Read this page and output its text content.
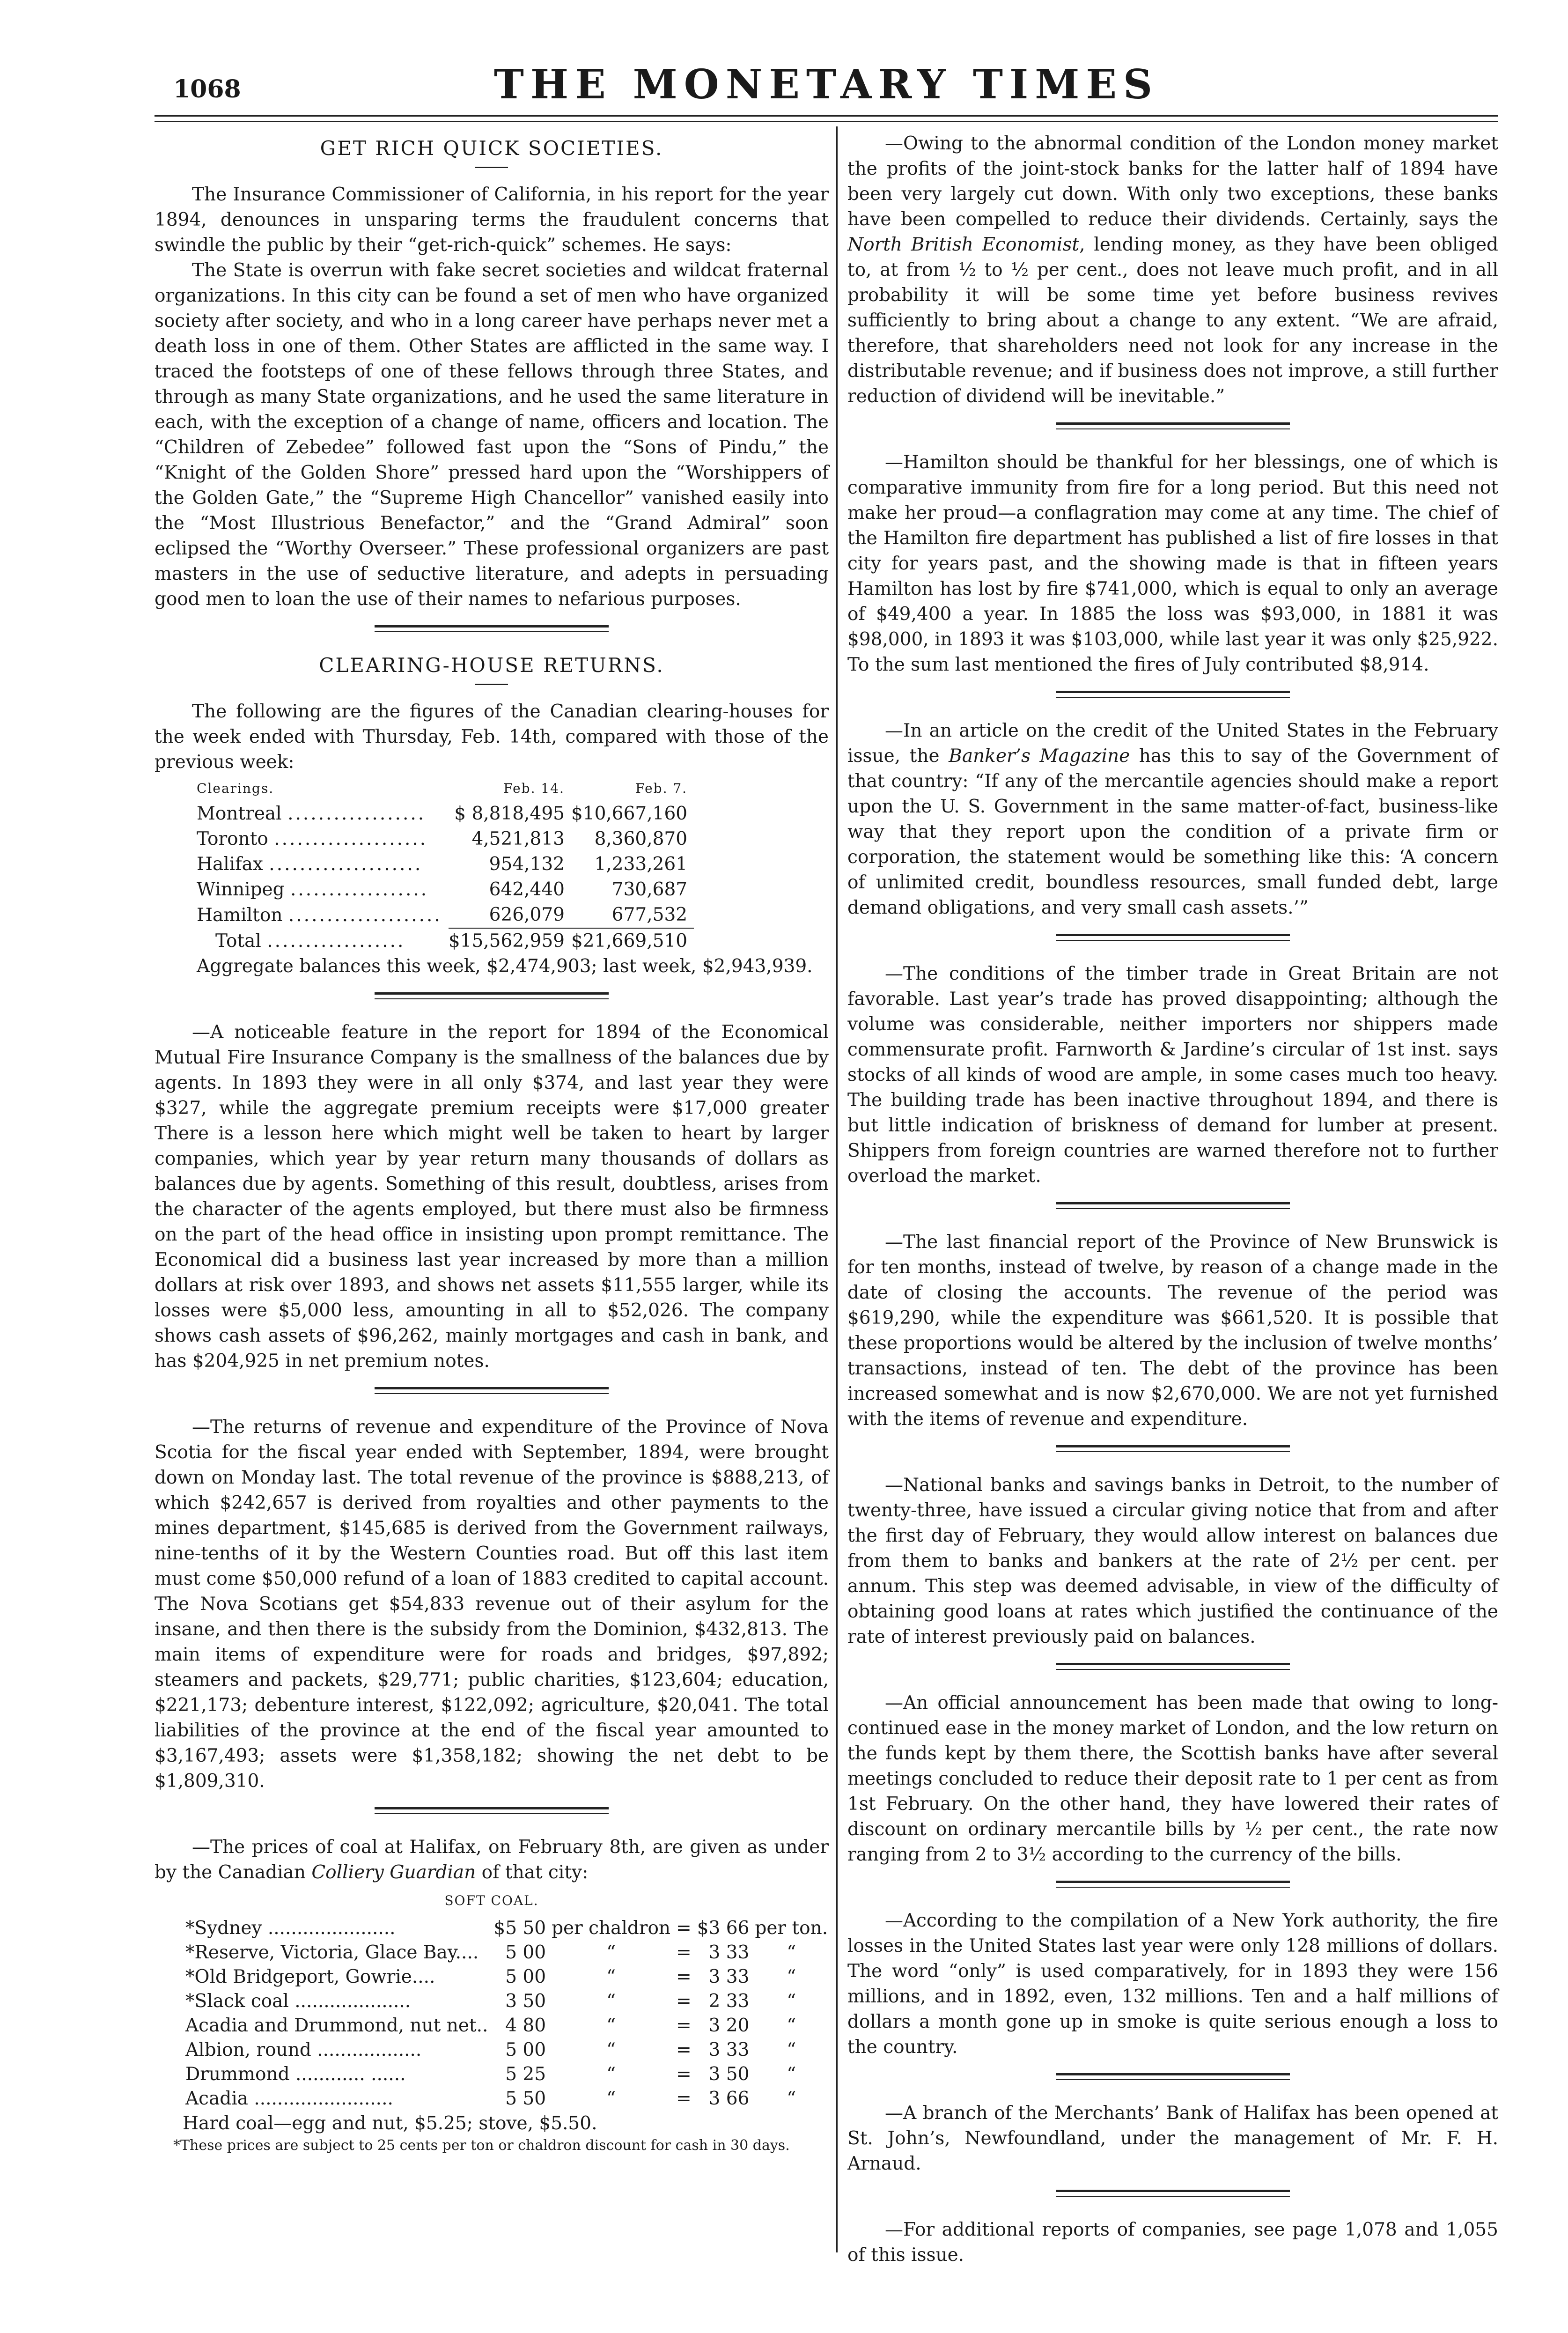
1068	THE MONETARY TIMES
GET RICH QUICK SOCIETIES.

The Insurance Commissioner of California, in his report for the year 1894, denounces in unsparing terms the fraudulent concerns that swindle the public by their “get-rich-quick” schemes. He says:

The State is overrun with fake secret societies and wildcat fraternal organizations. In this city can be found a set of men who have organized society after society, and who in a long career have perhaps never met a death loss in one of them. Other States are afflicted in the same way. I traced the footsteps of one of these fellows through three States, and through as many State organizations, and he used the same literature in each, with the exception of a change of name, officers and location. The “Children of Zebedee” followed fast upon the “Sons of Pindu,” the “Knight of the Golden Shore” pressed hard upon the “Worshippers of the Golden Gate,” the “Supreme High Chancellor” vanished easily into the “Most Illustrious Benefactor,” and the “Grand Admiral” soon eclipsed the “Worthy Overseer.” These professional organizers are past masters in the use of seductive literature, and adepts in persuading good men to loan the use of their names to nefarious purposes.

CLEARING-HOUSE RETURNS.

The following are the figures of the Canadian clearing-houses for the week ended with Thursday, Feb. 14th, compared with those of the previous week:

Clearings.	Feb. 14.	Feb. 7.
Montreal ..................	$ 8,818,495	$10,667,160
Toronto ....................	4,521,813	8,360,870
Halifax ....................	954,132	1,233,261
Winnipeg ..................	642,440	730,687
Hamilton ....................	626,079	677,532
Total ..................	$15,562,959	$21,669,510

Aggregate balances this week, $2,474,903; last week, $2,943,939.

—A noticeable feature in the report for 1894 of the Economical Mutual Fire Insurance Company is the smallness of the balances due by agents. In 1893 they were in all only $374, and last year they were $327, while the aggregate premium receipts were $17,000 greater There is a lesson here which might well be taken to heart by larger companies, which year by year return many thousands of dollars as balances due by agents. Something of this result, doubtless, arises from the character of the agents employed, but there must also be firmness on the part of the head office in insisting upon prompt remittance. The Economical did a business last year increased by more than a million dollars at risk over 1893, and shows net assets $11,555 larger, while its losses were $5,000 less, amounting in all to $52,026. The company shows cash assets of $96,262, mainly mortgages and cash in bank, and has $204,925 in net premium notes.

—The returns of revenue and expenditure of the Province of Nova Scotia for the fiscal year ended with September, 1894, were brought down on Monday last. The total revenue of the province is $888,213, of which $242,657 is derived from royalties and other payments to the mines department, $145,685 is derived from the Government railways, nine-tenths of it by the Western Counties road. But off this last item must come $50,000 refund of a loan of 1883 credited to capital account. The Nova Scotians get $54,833 revenue out of their asylum for the insane, and then there is the subsidy from the Dominion, $432,813. The main items of expenditure were for roads and bridges, $97,892; steamers and packets, $29,771; public charities, $123,604; education, $221,173; debenture interest, $122,092; agriculture, $20,041. The total liabilities of the province at the end of the fiscal year amounted to $3,167,493; assets were $1,358,182; showing the net debt to be $1,809,310.

—The prices of coal at Halifax, on February 8th, are given as under by the Canadian Colliery Guardian of that city:

SOFT COAL.
*Sydney ......................	$5 50	per chaldron	=	$3 66	per ton.
*Reserve, Victoria, Glace Bay....	5 00	“	=	3 33	“
*Old Bridgeport, Gowrie....	5 00	“	=	3 33	“
*Slack coal ....................	3 50	“	=	2 33	“
Acadia and Drummond, nut net..	4 80	“	=	3 20	“
Albion, round ..................	5 00	“	=	3 33	“
Drummond ............ ......	5 25	“	=	3 50	“
Acadia ........................	5 50	“	=	3 66	“

Hard coal—egg and nut, $5.25; stove, $5.50.

*These prices are subject to 25 cents per ton or chaldron discount for cash in 30 days.

—Owing to the abnormal condition of the London money market the profits of the joint-stock banks for the latter half of 1894 have been very largely cut down. With only two exceptions, these banks have been compelled to reduce their dividends. Certainly, says the North British Economist, lending money, as they have been obliged to, at from ½ to ½ per cent., does not leave much profit, and in all probability it will be some time yet before business revives sufficiently to bring about a change to any extent. “We are afraid, therefore, that shareholders need not look for any increase in the distributable revenue; and if business does not improve, a still further reduction of dividend will be inevitable.”

—Hamilton should be thankful for her blessings, one of which is comparative immunity from fire for a long period. But this need not make her proud—a conflagration may come at any time. The chief of the Hamilton fire department has published a list of fire losses in that city for years past, and the showing made is that in fifteen years Hamilton has lost by fire $741,000, which is equal to only an average of $49,400 a year. In 1885 the loss was $93,000, in 1881 it was $98,000, in 1893 it was $103,000, while last year it was only $25,922. To the sum last mentioned the fires of July contributed $8,914.

—In an article on the credit of the United States in the February issue, the Banker’s Magazine has this to say of the Government of that country: “If any of the mercantile agencies should make a report upon the U. S. Government in the same matter-of-fact, business-like way that they report upon the condition of a private firm or corporation, the statement would be something like this: ‘A concern of unlimited credit, boundless resources, small funded debt, large demand obligations, and very small cash assets.’”

—The conditions of the timber trade in Great Britain are not favorable. Last year’s trade has proved disappointing; although the volume was considerable, neither importers nor shippers made commensurate profit. Farnworth & Jardine’s circular of 1st inst. says stocks of all kinds of wood are ample, in some cases much too heavy. The building trade has been inactive throughout 1894, and there is but little indication of briskness of demand for lumber at present. Shippers from foreign countries are warned therefore not to further overload the market.

—The last financial report of the Province of New Brunswick is for ten months, instead of twelve, by reason of a change made in the date of closing the accounts. The revenue of the period was $619,290, while the expenditure was $661,520. It is possible that these proportions would be altered by the inclusion of twelve months’ transactions, instead of ten. The debt of the province has been increased somewhat and is now $2,670,000. We are not yet furnished with the items of revenue and expenditure.

—National banks and savings banks in Detroit, to the number of twenty-three, have issued a circular giving notice that from and after the first day of February, they would allow interest on balances due from them to banks and bankers at the rate of 2½ per cent. per annum. This step was deemed advisable, in view of the difficulty of obtaining good loans at rates which justified the continuance of the rate of interest previously paid on balances.

—An official announcement has been made that owing to long-continued ease in the money market of London, and the low return on the funds kept by them there, the Scottish banks have after several meetings concluded to reduce their deposit rate to 1 per cent as from 1st February. On the other hand, they have lowered their rates of discount on ordinary mercantile bills by ½ per cent., the rate now ranging from 2 to 3½ according to the currency of the bills.

—According to the compilation of a New York authority, the fire losses in the United States last year were only 128 millions of dollars. The word “only” is used comparatively, for in 1893 they were 156 millions, and in 1892, even, 132 millions. Ten and a half millions of dollars a month gone up in smoke is quite serious enough a loss to the country.

—A branch of the Merchants’ Bank of Halifax has been opened at St. John’s, Newfoundland, under the management of Mr. F. H. Arnaud.

—For additional reports of companies, see page 1,078 and 1,055 of this issue.
